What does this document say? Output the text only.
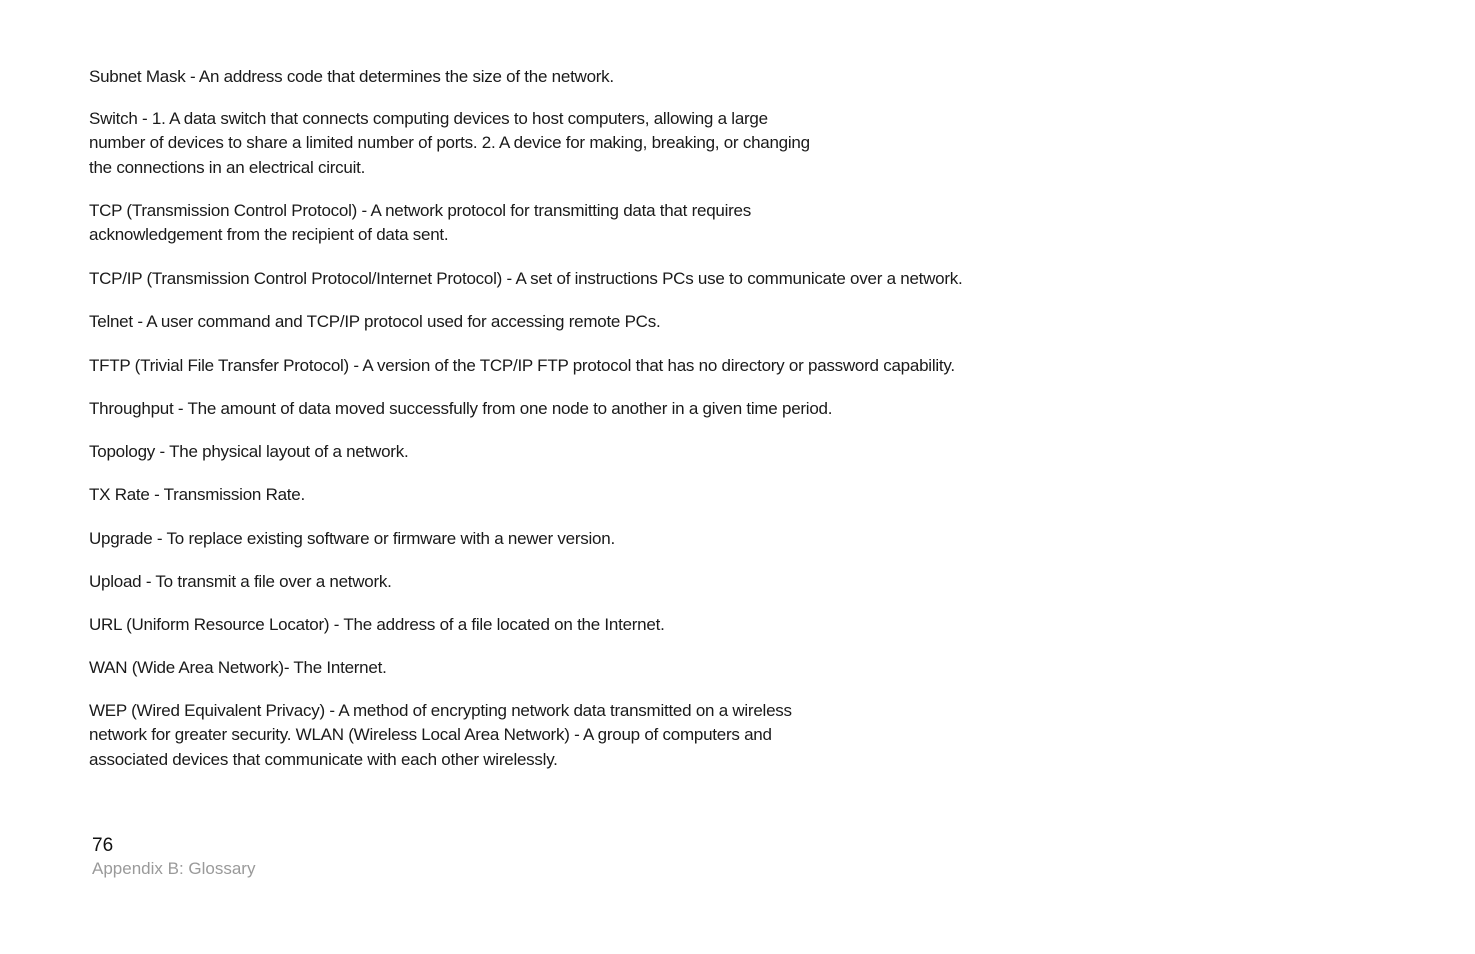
Subnet Mask - An address code that determines the size of the network.

Switch - 1. A data switch that connects computing devices to host computers, allowing a large
number of devices to share a limited number of ports. 2. A device for making, breaking, or changing
the connections in an electrical circuit.

TCP (Transmission Control Protocol) - A network protocol for transmitting data that requires
acknowledgement from the recipient of data sent.

TCP/IP (Transmission Control Protocol/Internet Protocol) - A set of instructions PCs use to communicate over a network.

Telnet - A user command and TCP/IP protocol used for accessing remote PCs.

TFTP (Trivial File Transfer Protocol) - A version of the TCP/IP FTP protocol that has no directory or password capability.

Throughput - The amount of data moved successfully from one node to another in a given time period.

Topology - The physical layout of a network.

TX Rate - Transmission Rate.

Upgrade - To replace existing software or firmware with a newer version.

Upload - To transmit a file over a network.

URL (Uniform Resource Locator) - The address of a file located on the Internet.

WAN (Wide Area Network)- The Internet.

WEP (Wired Equivalent Privacy) - A method of encrypting network data transmitted on a wireless
network for greater security. WLAN (Wireless Local Area Network) - A group of computers and
associated devices that communicate with each other wirelessly.

76

Appendix B: Glossary
